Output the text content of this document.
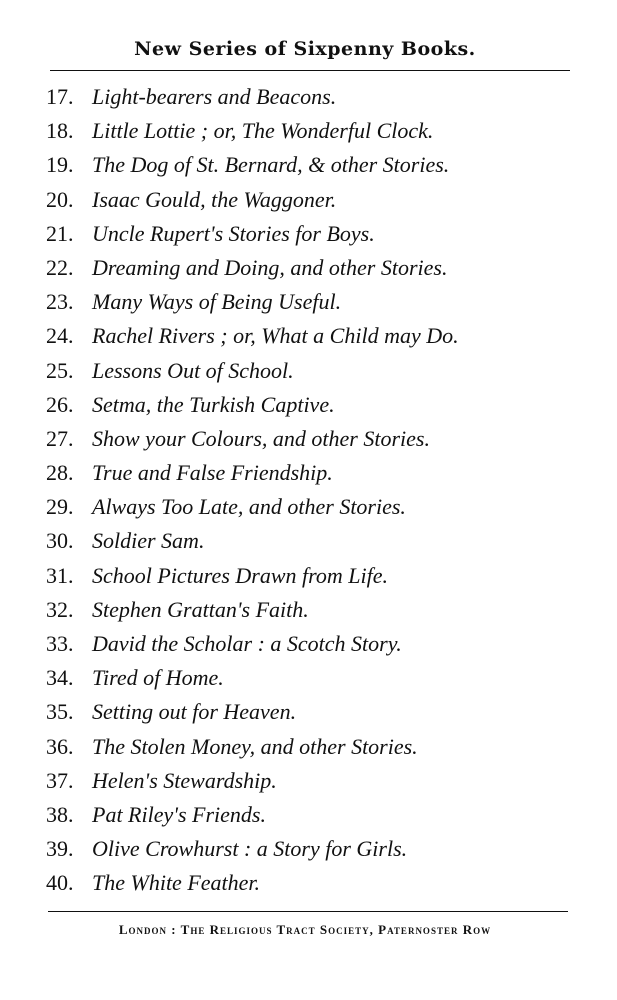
New Series of Sixpenny Books.
17. Light-bearers and Beacons.
18. Little Lottie ; or, The Wonderful Clock.
19. The Dog of St. Bernard, & other Stories.
20. Isaac Gould, the Waggoner.
21. Uncle Rupert's Stories for Boys.
22. Dreaming and Doing, and other Stories.
23. Many Ways of Being Useful.
24. Rachel Rivers ; or, What a Child may Do.
25. Lessons Out of School.
26. Setma, the Turkish Captive.
27. Show your Colours, and other Stories.
28. True and False Friendship.
29. Always Too Late, and other Stories.
30. Soldier Sam.
31. School Pictures Drawn from Life.
32. Stephen Grattan's Faith.
33. David the Scholar : a Scotch Story.
34. Tired of Home.
35. Setting out for Heaven.
36. The Stolen Money, and other Stories.
37. Helen's Stewardship.
38. Pat Riley's Friends.
39. Olive Crowhurst : a Story for Girls.
40. The White Feather.
London : The Religious Tract Society, Paternoster Row
